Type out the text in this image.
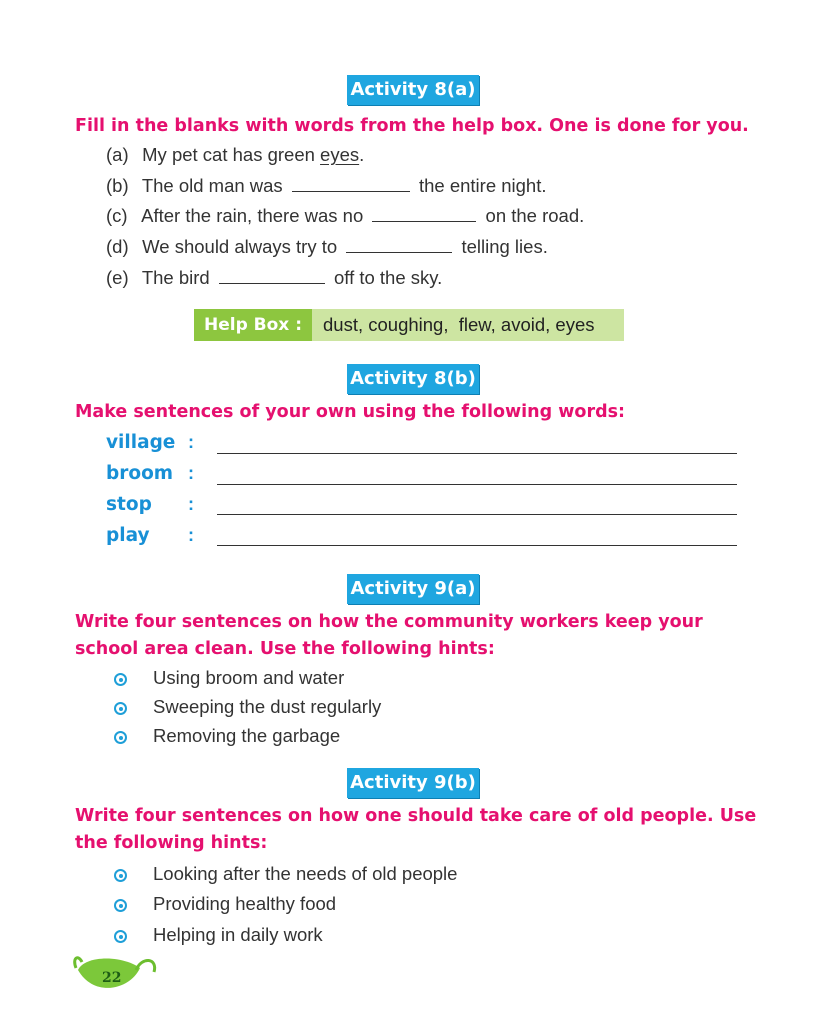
Activity 8(a)

Fill in the blanks with words from the help box. One is done for you.

(a) My pet cat has green eyes.
(b) The old man was	the entire night.
(c) After the rain, there was no	on the road.
(d) We should always try to	telling lies.
(e) The bird	off to the sky.
Help Box :	dust, coughing,  flew, avoid, eyes
Activity 8(b)

Make sentences of your own using the following words:

village :
broom :
stop :
play :
Activity 9(a)

Write four sentences on how the community workers keep your school area clean. Use the following hints:

Using broom and water
Sweeping the dust regularly
Removing the garbage
Activity 9(b)

Write four sentences on how one should take care of old people. Use the following hints:

Looking after the needs of old people
Providing healthy food
Helping in daily work
22
